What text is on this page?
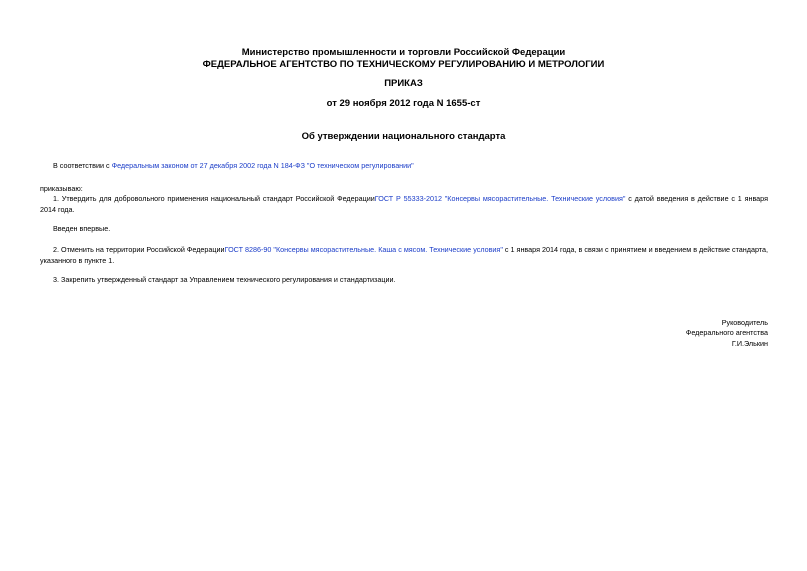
Министерство промышленности и торговли Российской Федерации
ФЕДЕРАЛЬНОЕ АГЕНТСТВО ПО ТЕХНИЧЕСКОМУ РЕГУЛИРОВАНИЮ И МЕТРОЛОГИИ
ПРИКАЗ
от 29 ноября 2012 года N 1655-ст
Об утверждении национального стандарта
В соответствии с Федеральным законом от 27 декабря 2002 года N 184-ФЗ "О техническом регулировании"
приказываю:
1. Утвердить для добровольного применения национальный стандарт Российской ФедерацииГОСТ Р 55333-2012 "Консервы мясорастительные. Технические условия" с датой введения в действие с 1 января 2014 года.
Введен впервые.
2. Отменить на территории Российской ФедерацииГОСТ 8286-90 "Консервы мясорастительные. Каша с мясом. Технические условия" с 1 января 2014 года, в связи с принятием и введением в действие стандарта, указанного в пункте 1.
3. Закрепить утвержденный стандарт за Управлением технического регулирования и стандартизации.
Руководитель
Федерального агентства
Г.И.Элькин
